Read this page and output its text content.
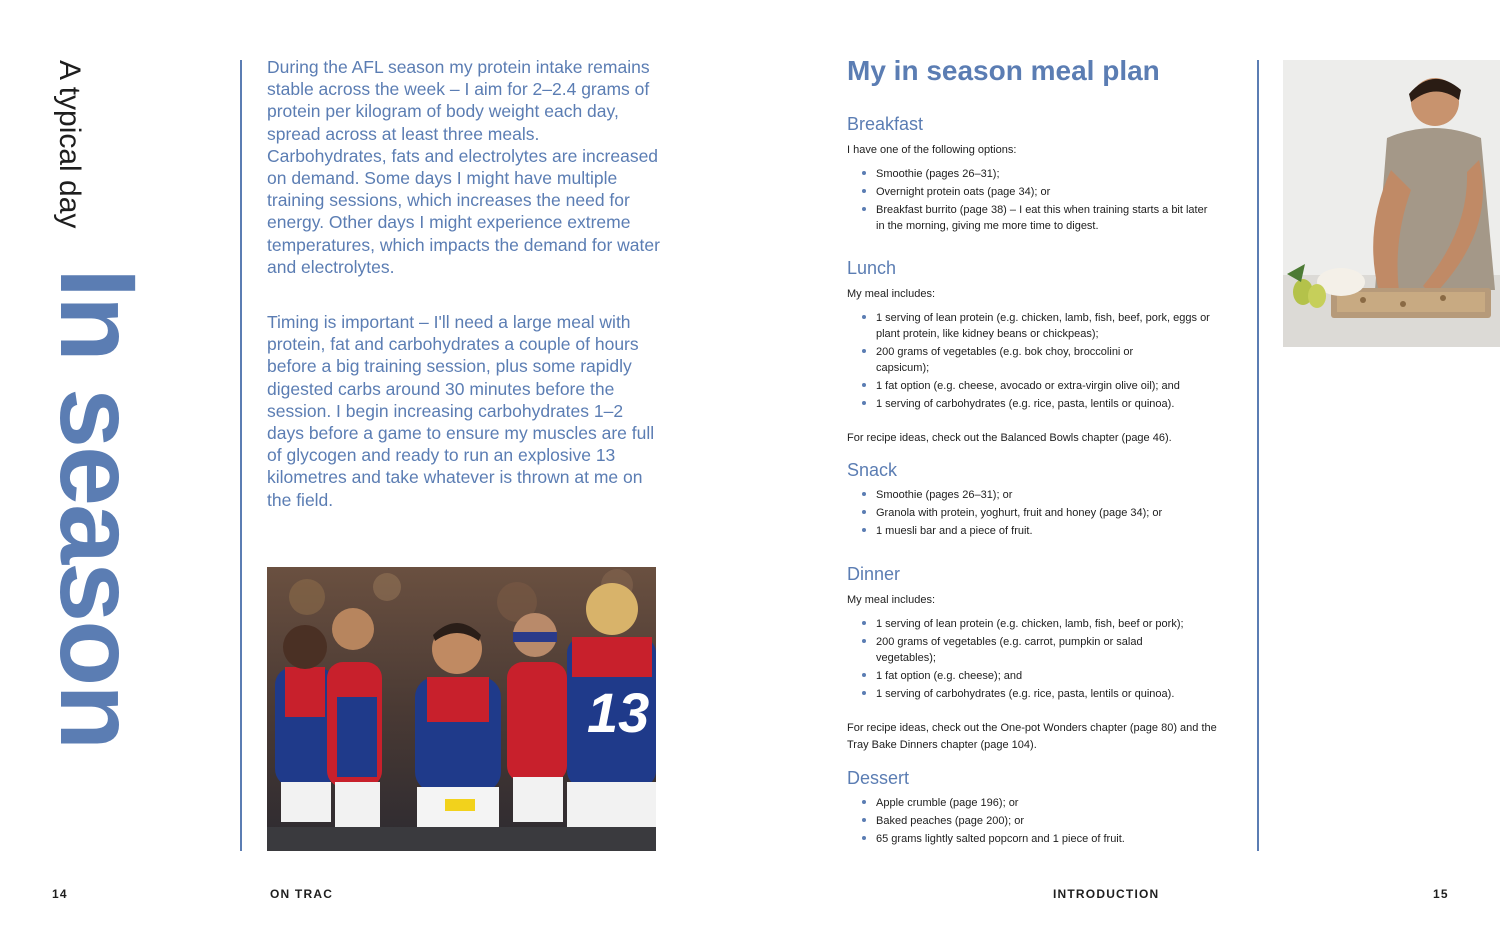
A typical day
In season

During the AFL season my protein intake remains stable across the week – I aim for 2–2.4 grams of protein per kilogram of body weight each day, spread across at least three meals. Carbohydrates, fats and electrolytes are increased on demand. Some days I might have multiple training sessions, which increases the need for energy. Other days I might experience extreme temperatures, which impacts the demand for water and electrolytes.

Timing is important – I'll need a large meal with protein, fat and carbohydrates a couple of hours before a big training session, plus some rapidly digested carbs around 30 minutes before the session. I begin increasing carbohydrates 1–2 days before a game to ensure my muscles are full of glycogen and ready to run an explosive 13 kilometres and take whatever is thrown at me on the field.

13
My in season meal plan
Breakfast
I have one of the following options:
Smoothie (pages 26–31);
Overnight protein oats (page 34); or
Breakfast burrito (page 38) – I eat this when training starts a bit later in the morning, giving me more time to digest.
Lunch
My meal includes:
1 serving of lean protein (e.g. chicken, lamb, fish, beef, pork, eggs or plant protein, like kidney beans or chickpeas);
200 grams of vegetables (e.g. bok choy, broccolini or capsicum);
1 fat option (e.g. cheese, avocado or extra-virgin olive oil); and
1 serving of carbohydrates (e.g. rice, pasta, lentils or quinoa).
For recipe ideas, check out the Balanced Bowls chapter (page 46).
Snack
Smoothie (pages 26–31); or
Granola with protein, yoghurt, fruit and honey (page 34); or
1 muesli bar and a piece of fruit.
Dinner
My meal includes:
1 serving of lean protein (e.g. chicken, lamb, fish, beef or pork);
200 grams of vegetables (e.g. carrot, pumpkin or salad vegetables);
1 fat option (e.g. cheese); and
1 serving of carbohydrates (e.g. rice, pasta, lentils or quinoa).
For recipe ideas, check out the One-pot Wonders chapter (page 80) and the Tray Bake Dinners chapter (page 104).
Dessert
Apple crumble (page 196); or
Baked peaches (page 200); or
65 grams lightly salted popcorn and 1 piece of fruit.
14	ON TRAC	INTRODUCTION	15
